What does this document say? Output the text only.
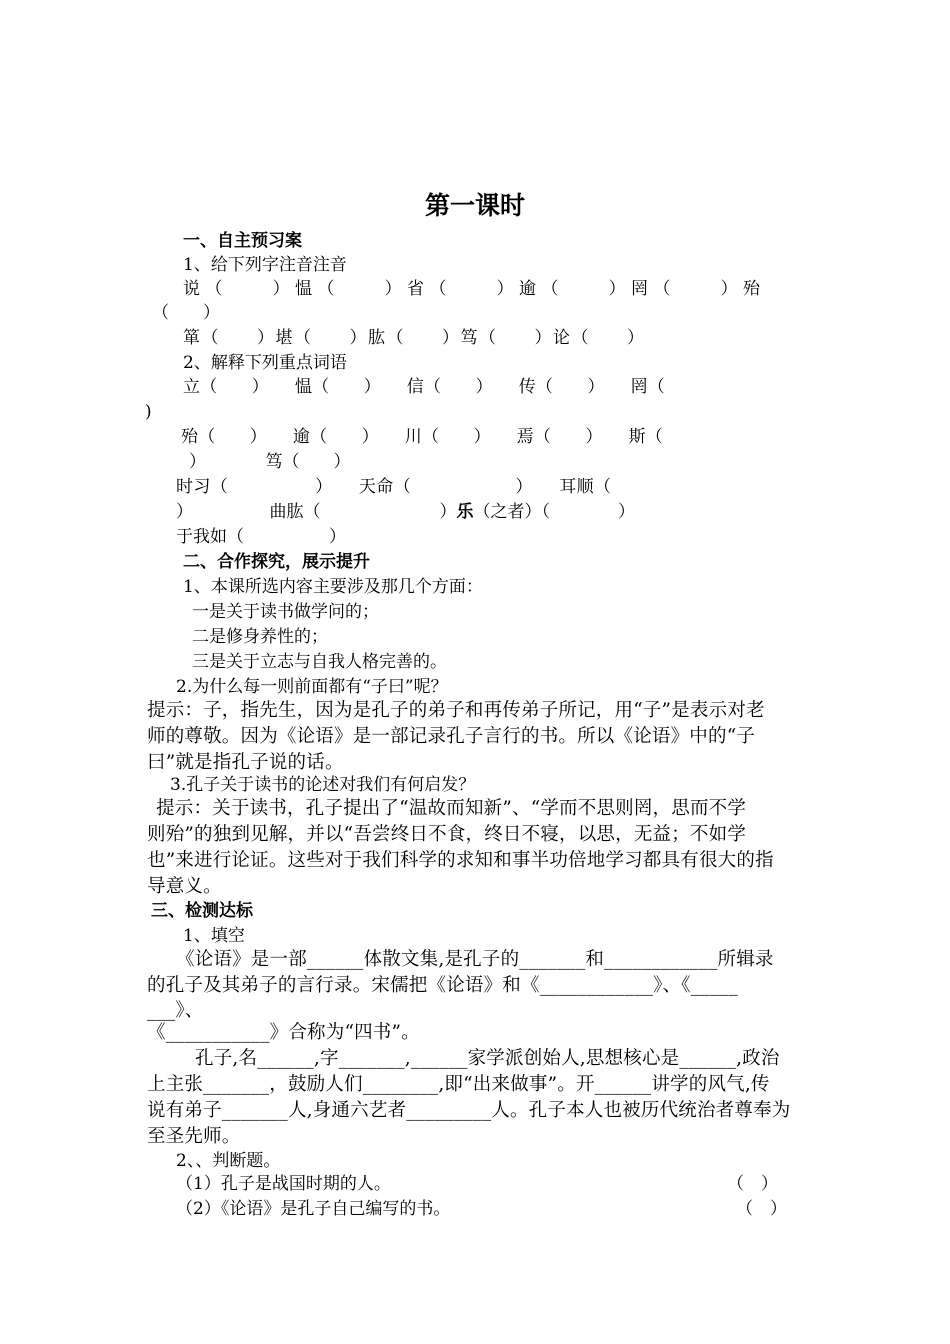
第一课时
一、自主预习案
1、给下列字注音注音
说（　　）愠（　　）省（　　）逾（　　）罔（　　）殆
（　　）
箪（　　）堪（　　）肱（　　）笃（　　）论（　　）
2、解释下列重点词语
立（　　）　　愠（　　）　　信（　　）　　传（　　）　　罔（
)
殆（　　）　　逾（　　）　　川（　　）　　焉（　　）　　斯（
）　　　　笃（　　）
时习（　　　　　）　　天命（　　　　　　）　　耳顺（
）　　　　　曲肱（　　　　　　　）乐（之者）（　　　　）
于我如（　　　　　）
二、合作探究，展示提升
1、本课所选内容主要涉及那几个方面：
一是关于读书做学问的；
二是修身养性的；
三是关于立志与自我人格完善的。
2.为什么每一则前面都有“子曰”呢？
提示：子，指先生，因为是孔子的弟子和再传弟子所记，用“子”是表示对老
师的尊敬。因为《论语》是一部记录孔子言行的书。所以《论语》中的“子
曰”就是指孔子说的话。
3.孔子关于读书的论述对我们有何启发？
提示：关于读书，孔子提出了“温故而知新”、“学而不思则罔，思而不学
则殆”的独到见解，并以“吾尝终日不食，终日不寝，以思，无益；不如学
也”来进行论证。这些对于我们科学的求知和事半功倍地学习都具有很大的指
导意义。
三、检测达标
1、填空
《论语》是一部______体散文集,是孔子的_______和____________所辑录
的孔子及其弟子的言行录。宋儒把《论语》和《____________》、《_____
___》、
《___________》合称为“四书”。
孔子,名______,字_______,______家学派创始人,思想核心是______,政治
上主张_______，鼓励人们________,即“出来做事”。开______讲学的风气,传
说有弟子_______人,身通六艺者_________人。孔子本人也被历代统治者尊奉为
至圣先师。
2、、判断题。
（1）孔子是战国时期的人。	（　）
（2）《论语》是孔子自己编写的书。	（　）
